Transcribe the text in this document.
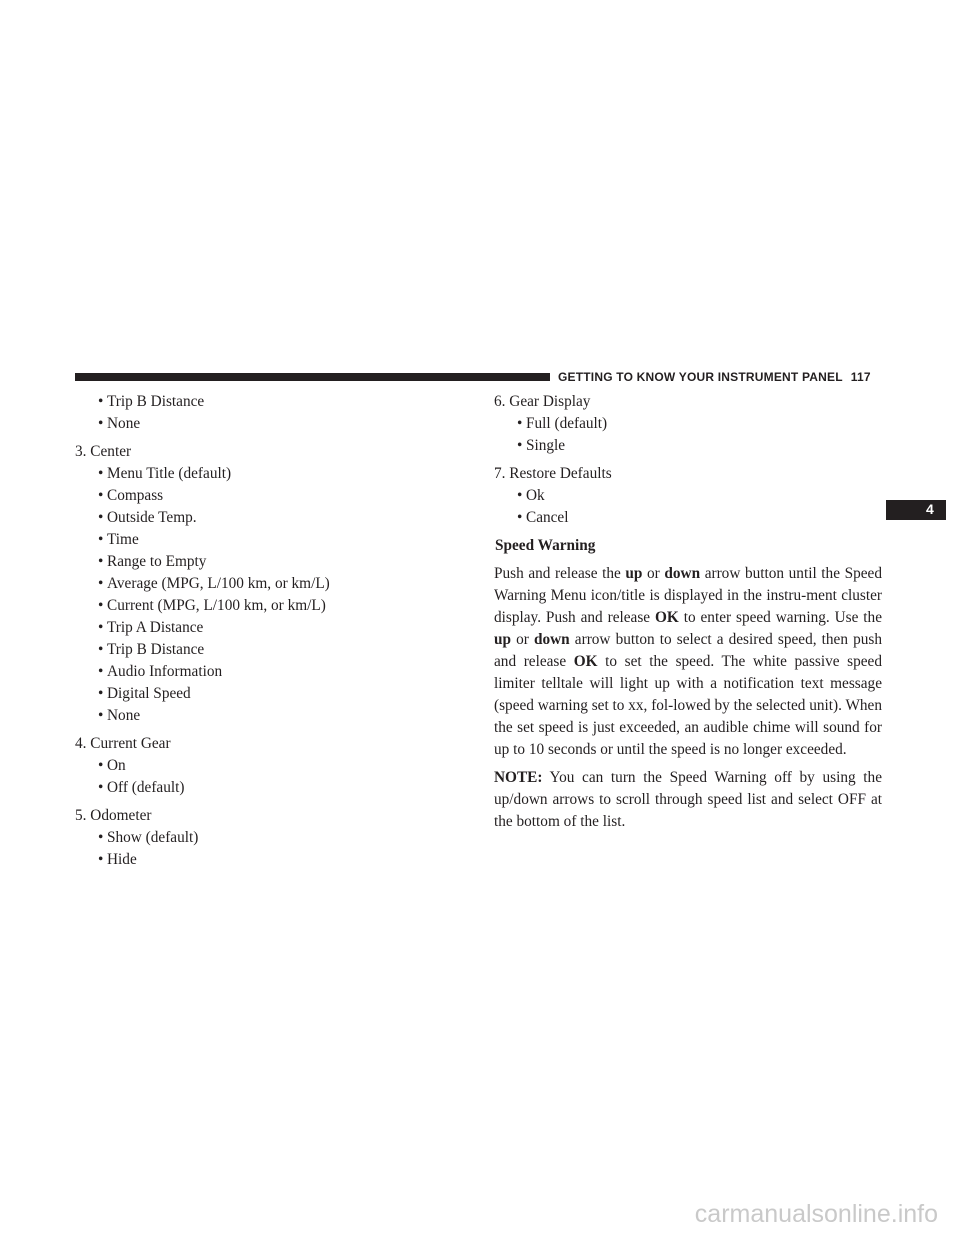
GETTING TO KNOW YOUR INSTRUMENT PANEL 117
4
• Trip B Distance
• None
3. Center
• Menu Title (default)
• Compass
• Outside Temp.
• Time
• Range to Empty
• Average (MPG, L/100 km, or km/L)
• Current (MPG, L/100 km, or km/L)
• Trip A Distance
• Trip B Distance
• Audio Information
• Digital Speed
• None
4. Current Gear
• On
• Off (default)
5. Odometer
• Show (default)
• Hide
6. Gear Display
• Full (default)
• Single
7. Restore Defaults
• Ok
• Cancel
Speed Warning

Push and release the up or down arrow button until the Speed Warning Menu icon/title is displayed in the instru-ment cluster display. Push and release OK to enter speed warning. Use the up or down arrow button to select a desired speed, then push and release OK to set the speed. The white passive speed limiter telltale will light up with a notification text message (speed warning set to xx, fol-lowed by the selected unit). When the set speed is just exceeded, an audible chime will sound for up to 10 seconds or until the speed is no longer exceeded.

NOTE: You can turn the Speed Warning off by using the up/down arrows to scroll through speed list and select OFF at the bottom of the list.

carmanualsonline.info
